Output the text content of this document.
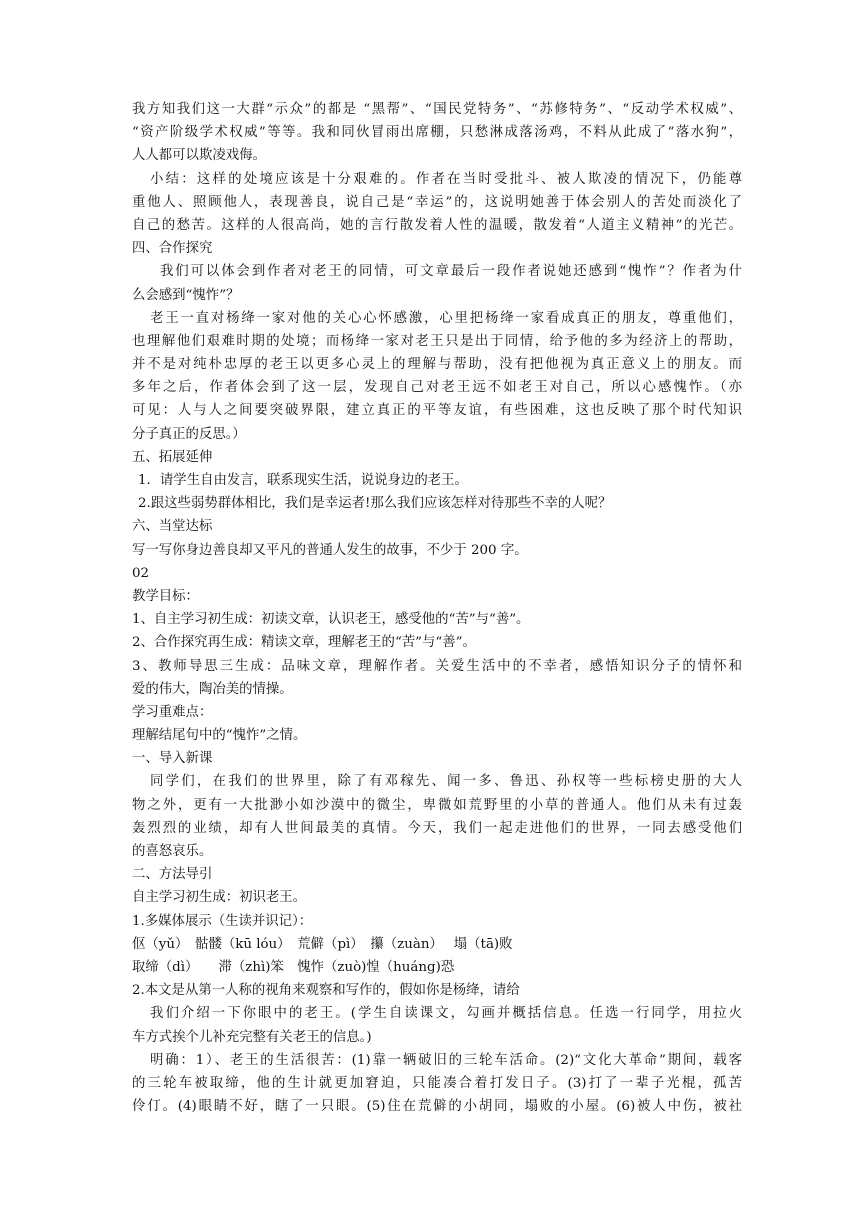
我方知我们这一大群“示众”的都是 “黑帮”、“国民党特务”、“苏修特务”、“反动学术权威”、
“资产阶级学术权威”等等。我和同伙冒雨出席棚，只愁淋成落汤鸡，不料从此成了“落水狗”，
人人都可以欺凌戏侮。
小结：这样的处境应该是十分艰难的。作者在当时受批斗、被人欺凌的情况下，仍能尊
重他人、照顾他人，表现善良，说自己是“幸运”的，这说明她善于体会别人的苦处而淡化了
自己的愁苦。这样的人很高尚，她的言行散发着人性的温暖，散发着“人道主义精神”的光芒。
四、合作探究
我们可以体会到作者对老王的同情，可文章最后一段作者说她还感到“愧怍”？作者为什
么会感到“愧怍”？
老王一直对杨绛一家对他的关心心怀感激，心里把杨绛一家看成真正的朋友，尊重他们，
也理解他们艰难时期的处境；而杨绛一家对老王只是出于同情，给予他的多为经济上的帮助，
并不是对纯朴忠厚的老王以更多心灵上的理解与帮助，没有把他视为真正意义上的朋友。而
多年之后，作者体会到了这一层，发现自己对老王远不如老王对自己，所以心感愧怍。（亦
可见：人与人之间要突破界限，建立真正的平等友谊，有些困难，这也反映了那个时代知识
分子真正的反思。）
五、拓展延伸
1．请学生自由发言，联系现实生活，说说身边的老王。
2.跟这些弱势群体相比，我们是幸运者!那么我们应该怎样对待那些不幸的人呢？
六、当堂达标
写一写你身边善良却又平凡的普通人发生的故事，不少于 200 字。
02
教学目标：
1、自主学习初生成：初读文章，认识老王，感受他的“苦”与“善”。
2、合作探究再生成：精读文章，理解老王的“苦”与“善”。
3、教师导思三生成：品味文章，理解作者。关爱生活中的不幸者，感悟知识分子的情怀和
爱的伟大，陶冶美的情操。
学习重难点：
理解结尾句中的“愧怍”之情。
一、导入新课
同学们，在我们的世界里，除了有邓稼先、闻一多、鲁迅、孙权等一些标榜史册的大人
物之外，更有一大批渺小如沙漠中的微尘，卑微如荒野里的小草的普通人。他们从未有过轰
轰烈烈的业绩，却有人世间最美的真情。今天，我们一起走进他们的世界，一同去感受他们
的喜怒哀乐。
二、方法导引
自主学习初生成：初识老王。
1.多媒体展示（生读并识记）：
伛（yǔ）　骷髅（kū lóu）　荒僻（pì）　攥（zuàn）　 塌（tā)败
取缔（dì）　　滞（zhì)笨　愧怍（zuò)惶（huáng)恐
2.本文是从第一人称的视角来观察和写作的，假如你是杨绛，请给
我们介绍一下你眼中的老王。(学生自读课文，勾画并概括信息。任选一行同学，用拉火
车方式挨个儿补充完整有关老王的信息。)
明确：1）、老王的生活很苦：(1)靠一辆破旧的三轮车活命。(2)“文化大革命”期间，载客
的三轮车被取缔，他的生计就更加窘迫，只能凑合着打发日子。(3)打了一辈子光棍，孤苦
伶仃。(4)眼睛不好，瞎了一只眼。(5)住在荒僻的小胡同，塌败的小屋。(6)被人中伤，被社
